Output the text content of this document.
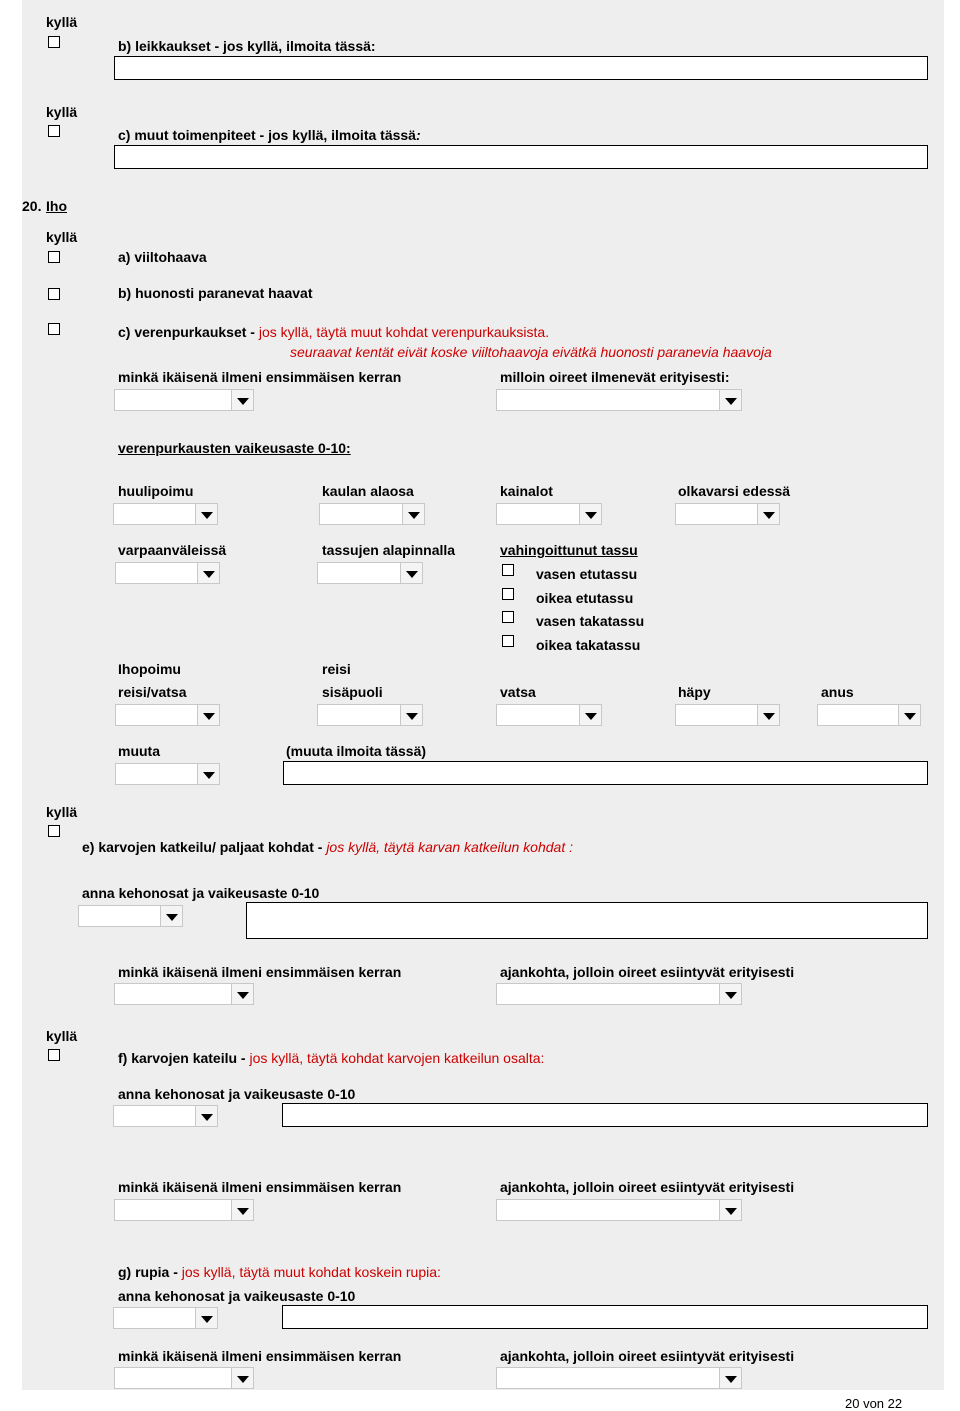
kyllä
b) leikkaukset - jos kyllä, ilmoita tässä:
kyllä
c) muut toimenpiteet - jos kyllä, ilmoita tässä:
20. Iho
kyllä
a) viiltohaava
b) huonosti paranevat haavat
c) verenpurkaukset - jos kyllä, täytä muut kohdat verenpurkauksista.
seuraavat kentät eivät koske viiltohaavoja eivätkä huonosti paranevia haavoja
minkä ikäisenä ilmeni ensimmäisen kerran	milloin oireet ilmenevät erityisesti:
verenpurkausten vaikeusaste 0-10:
huulipoimu	kaulan alaosa	kainalot	olkavarsi edessä
varpaanväleissä	tassujen alapinnalla	vahingoittunut tassu
vasen etutassu
oikea etutassu
vasen takatassu
oikea takatassu
Ihopoimu	reisi
reisi/vatsa	sisäpuoli	vatsa	häpy	anus
muuta	(muuta ilmoita tässä)
kyllä
e) karvojen katkeilu/ paljaat kohdat - jos kyllä, täytä karvan katkeilun kohdat :
anna kehonosat ja vaikeusaste 0-10
minkä ikäisenä ilmeni ensimmäisen kerran	ajankohta, jolloin oireet esiintyvät erityisesti
kyllä
f) karvojen kateilu - jos kyllä, täytä kohdat karvojen katkeilun osalta:
anna kehonosat ja vaikeusaste 0-10
minkä ikäisenä ilmeni ensimmäisen kerran	ajankohta, jolloin oireet esiintyvät erityisesti
g) rupia - jos kyllä, täytä muut kohdat koskein rupia:
anna kehonosat ja vaikeusaste 0-10
minkä ikäisenä ilmeni ensimmäisen kerran	ajankohta, jolloin oireet esiintyvät erityisesti
20 von 22
